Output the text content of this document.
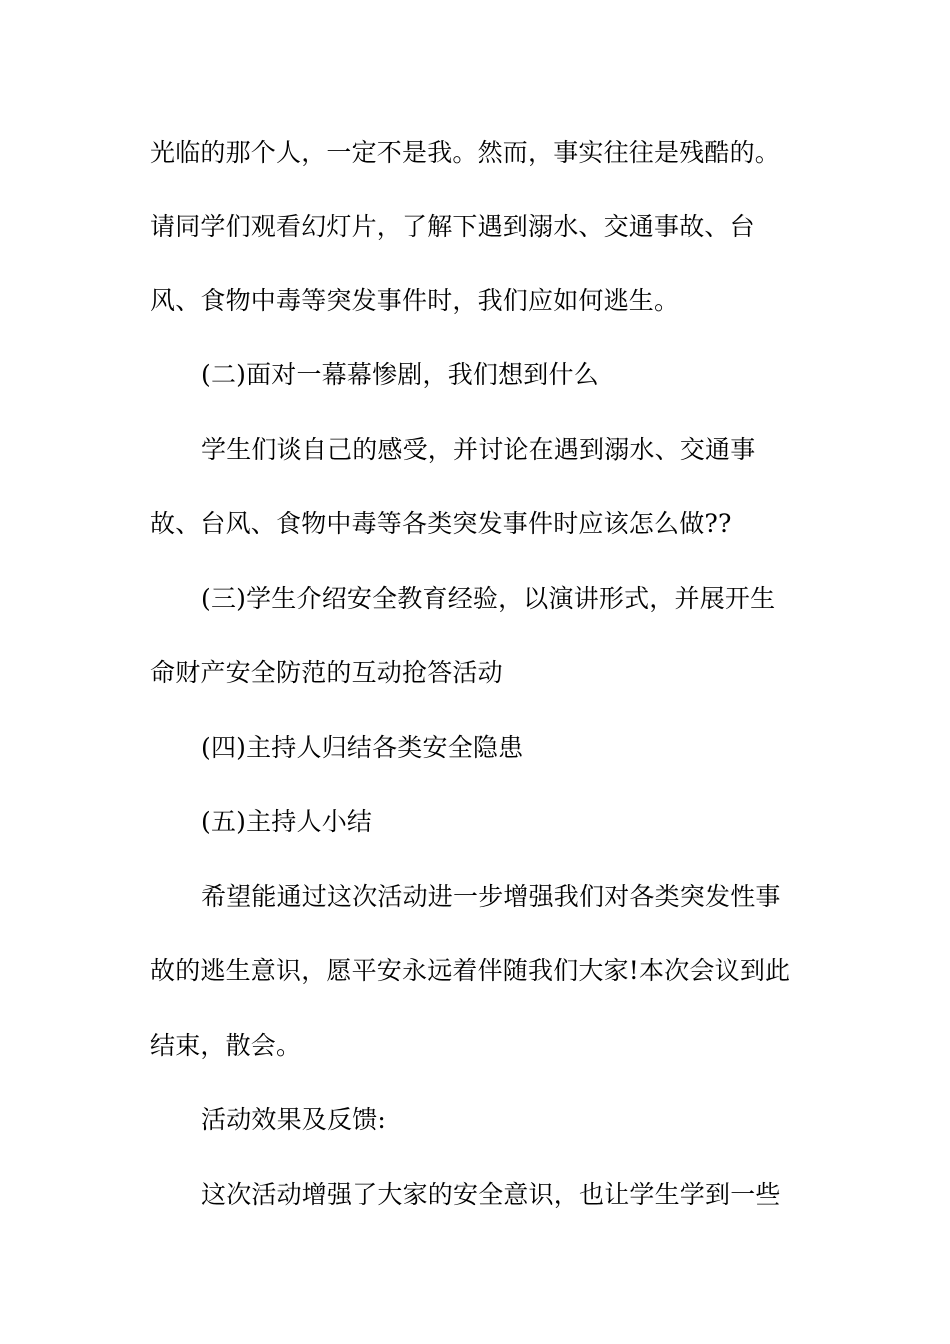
光临的那个人，一定不是我。然而，事实往往是残酷的。
请同学们观看幻灯片，了解下遇到溺水、交通事故、台
风、食物中毒等突发事件时，我们应如何逃生。
(二)面对一幕幕惨剧，我们想到什么
学生们谈自己的感受，并讨论在遇到溺水、交通事
故、台风、食物中毒等各类突发事件时应该怎么做??
(三)学生介绍安全教育经验，以演讲形式，并展开生
命财产安全防范的互动抢答活动
(四)主持人归结各类安全隐患
(五)主持人小结
希望能通过这次活动进一步增强我们对各类突发性事
故的逃生意识，愿平安永远着伴随我们大家!本次会议到此
结束，散会。
活动效果及反馈:
这次活动增强了大家的安全意识，也让学生学到一些
